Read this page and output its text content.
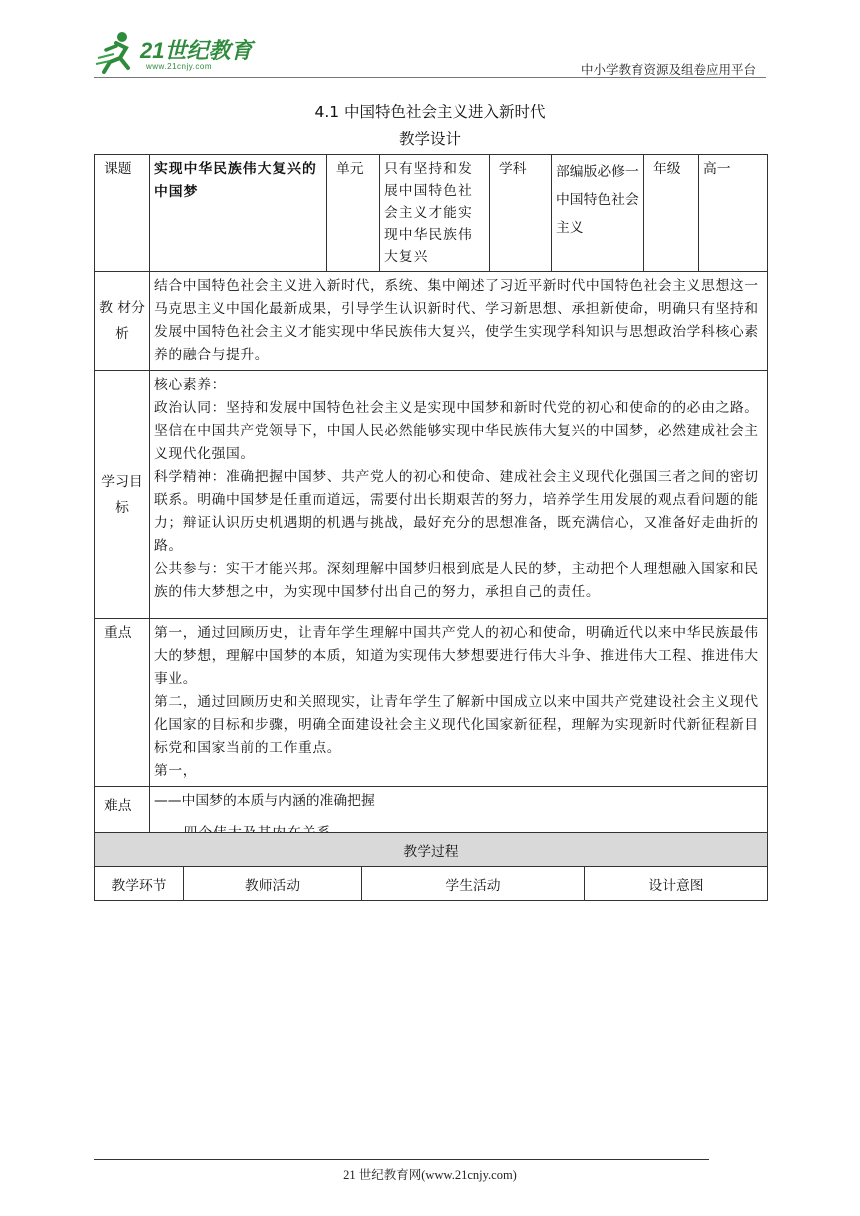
21世纪教育
www.21cnjy.com	中小学教育资源及组卷应用平台
4.1 中国特色社会主义进入新时代
教学设计
课题	实现中华民族伟大复兴的中国梦	单元	只有坚持和发展中国特色社会主义才能实现中华民族伟大复兴	学科	部编版必修一中国特色社会主义	年级	高一
教 材分析	结合中国特色社会主义进入新时代，系统、集中阐述了习近平新时代中国特色社会主义思想这一马克思主义中国化最新成果，引导学生认识新时代、学习新思想、承担新使命，明确只有坚持和发展中国特色社会主义才能实现中华民族伟大复兴，使学生实现学科知识与思想政治学科核心素养的融合与提升。						
学习目标	核心素养：
政治认同：坚持和发展中国特色社会主义是实现中国梦和新时代党的初心和使命的的必由之路。坚信在中国共产党领导下，中国人民必然能够实现中华民族伟大复兴的中国梦，必然建成社会主义现代化强国。
科学精神：准确把握中国梦、共产党人的初心和使命、建成社会主义现代化强国三者之间的密切联系。明确中国梦是任重而道远，需要付出长期艰苦的努力，培养学生用发展的观点看问题的能力；辩证认识历史机遇期的机遇与挑战，最好充分的思想准备，既充满信心，又准备好走曲折的路。
公共参与：实干才能兴邦。深刻理解中国梦归根到底是人民的梦，主动把个人理想融入国家和民族的伟大梦想之中，为实现中国梦付出自己的努力，承担自己的责任。						

重点	第一，通过回顾历史，让青年学生理解中国共产党人的初心和使命，明确近代以来中华民族最伟大的梦想，理解中国梦的本质，知道为实现伟大梦想要进行伟大斗争、推进伟大工程、推进伟大事业。
第二，通过回顾历史和关照现实，让青年学生了解新中国成立以来中国共产党建设社会主义现代化国家的目标和步骤，明确全面建设社会主义现代化国家新征程，理解为实现新时代新征程新目标党和国家当前的工作重点。
第一，						

难点	——中国梦的本质与内涵的准确把握						
教学过程
教学环节	教师活动	学生活动	设计意图
21 世纪教育网(www.21cnjy.com)
